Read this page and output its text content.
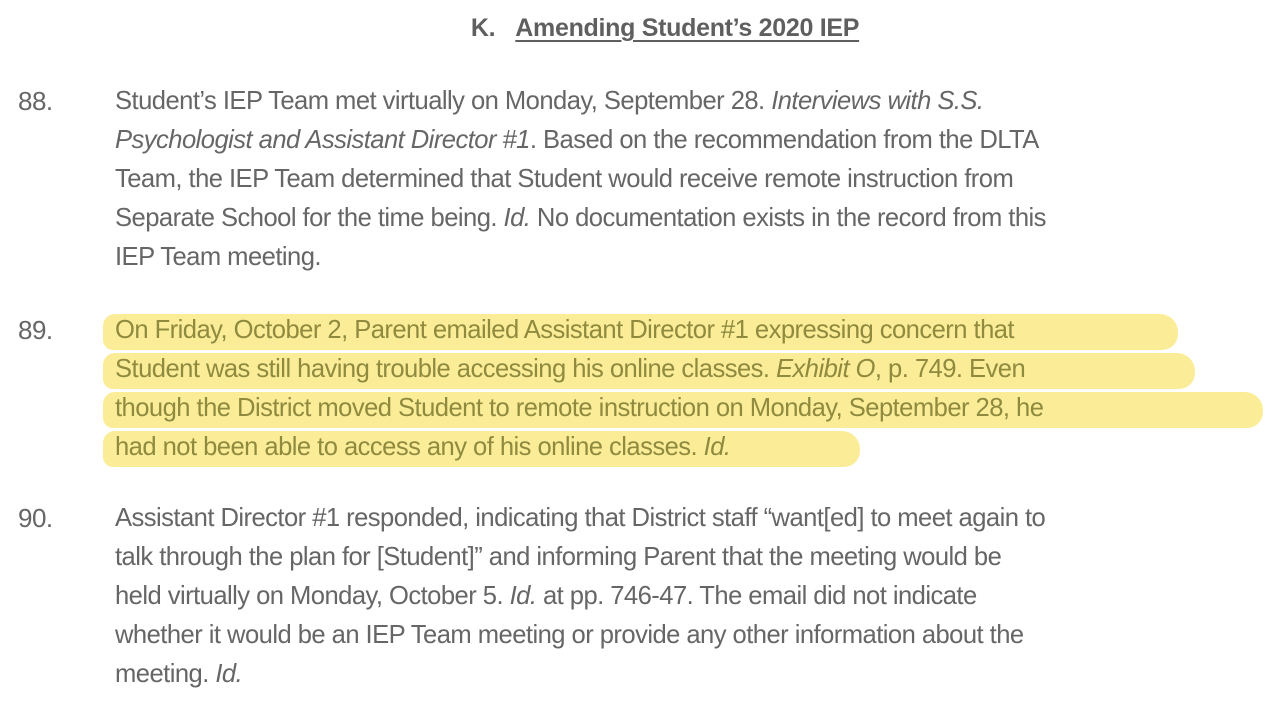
K. Amending Student’s 2020 IEP
88. Student’s IEP Team met virtually on Monday, September 28. Interviews with S.S.
Psychologist and Assistant Director #1. Based on the recommendation from the DLTA
Team, the IEP Team determined that Student would receive remote instruction from
Separate School for the time being. Id. No documentation exists in the record from this
IEP Team meeting.
89. On Friday, October 2, Parent emailed Assistant Director #1 expressing concern that
Student was still having trouble accessing his online classes. Exhibit O, p. 749. Even
though the District moved Student to remote instruction on Monday, September 28, he
had not been able to access any of his online classes. Id.
90. Assistant Director #1 responded, indicating that District staff “want[ed] to meet again to
talk through the plan for [Student]” and informing Parent that the meeting would be
held virtually on Monday, October 5. Id. at pp. 746-47. The email did not indicate
whether it would be an IEP Team meeting or provide any other information about the
meeting. Id.
